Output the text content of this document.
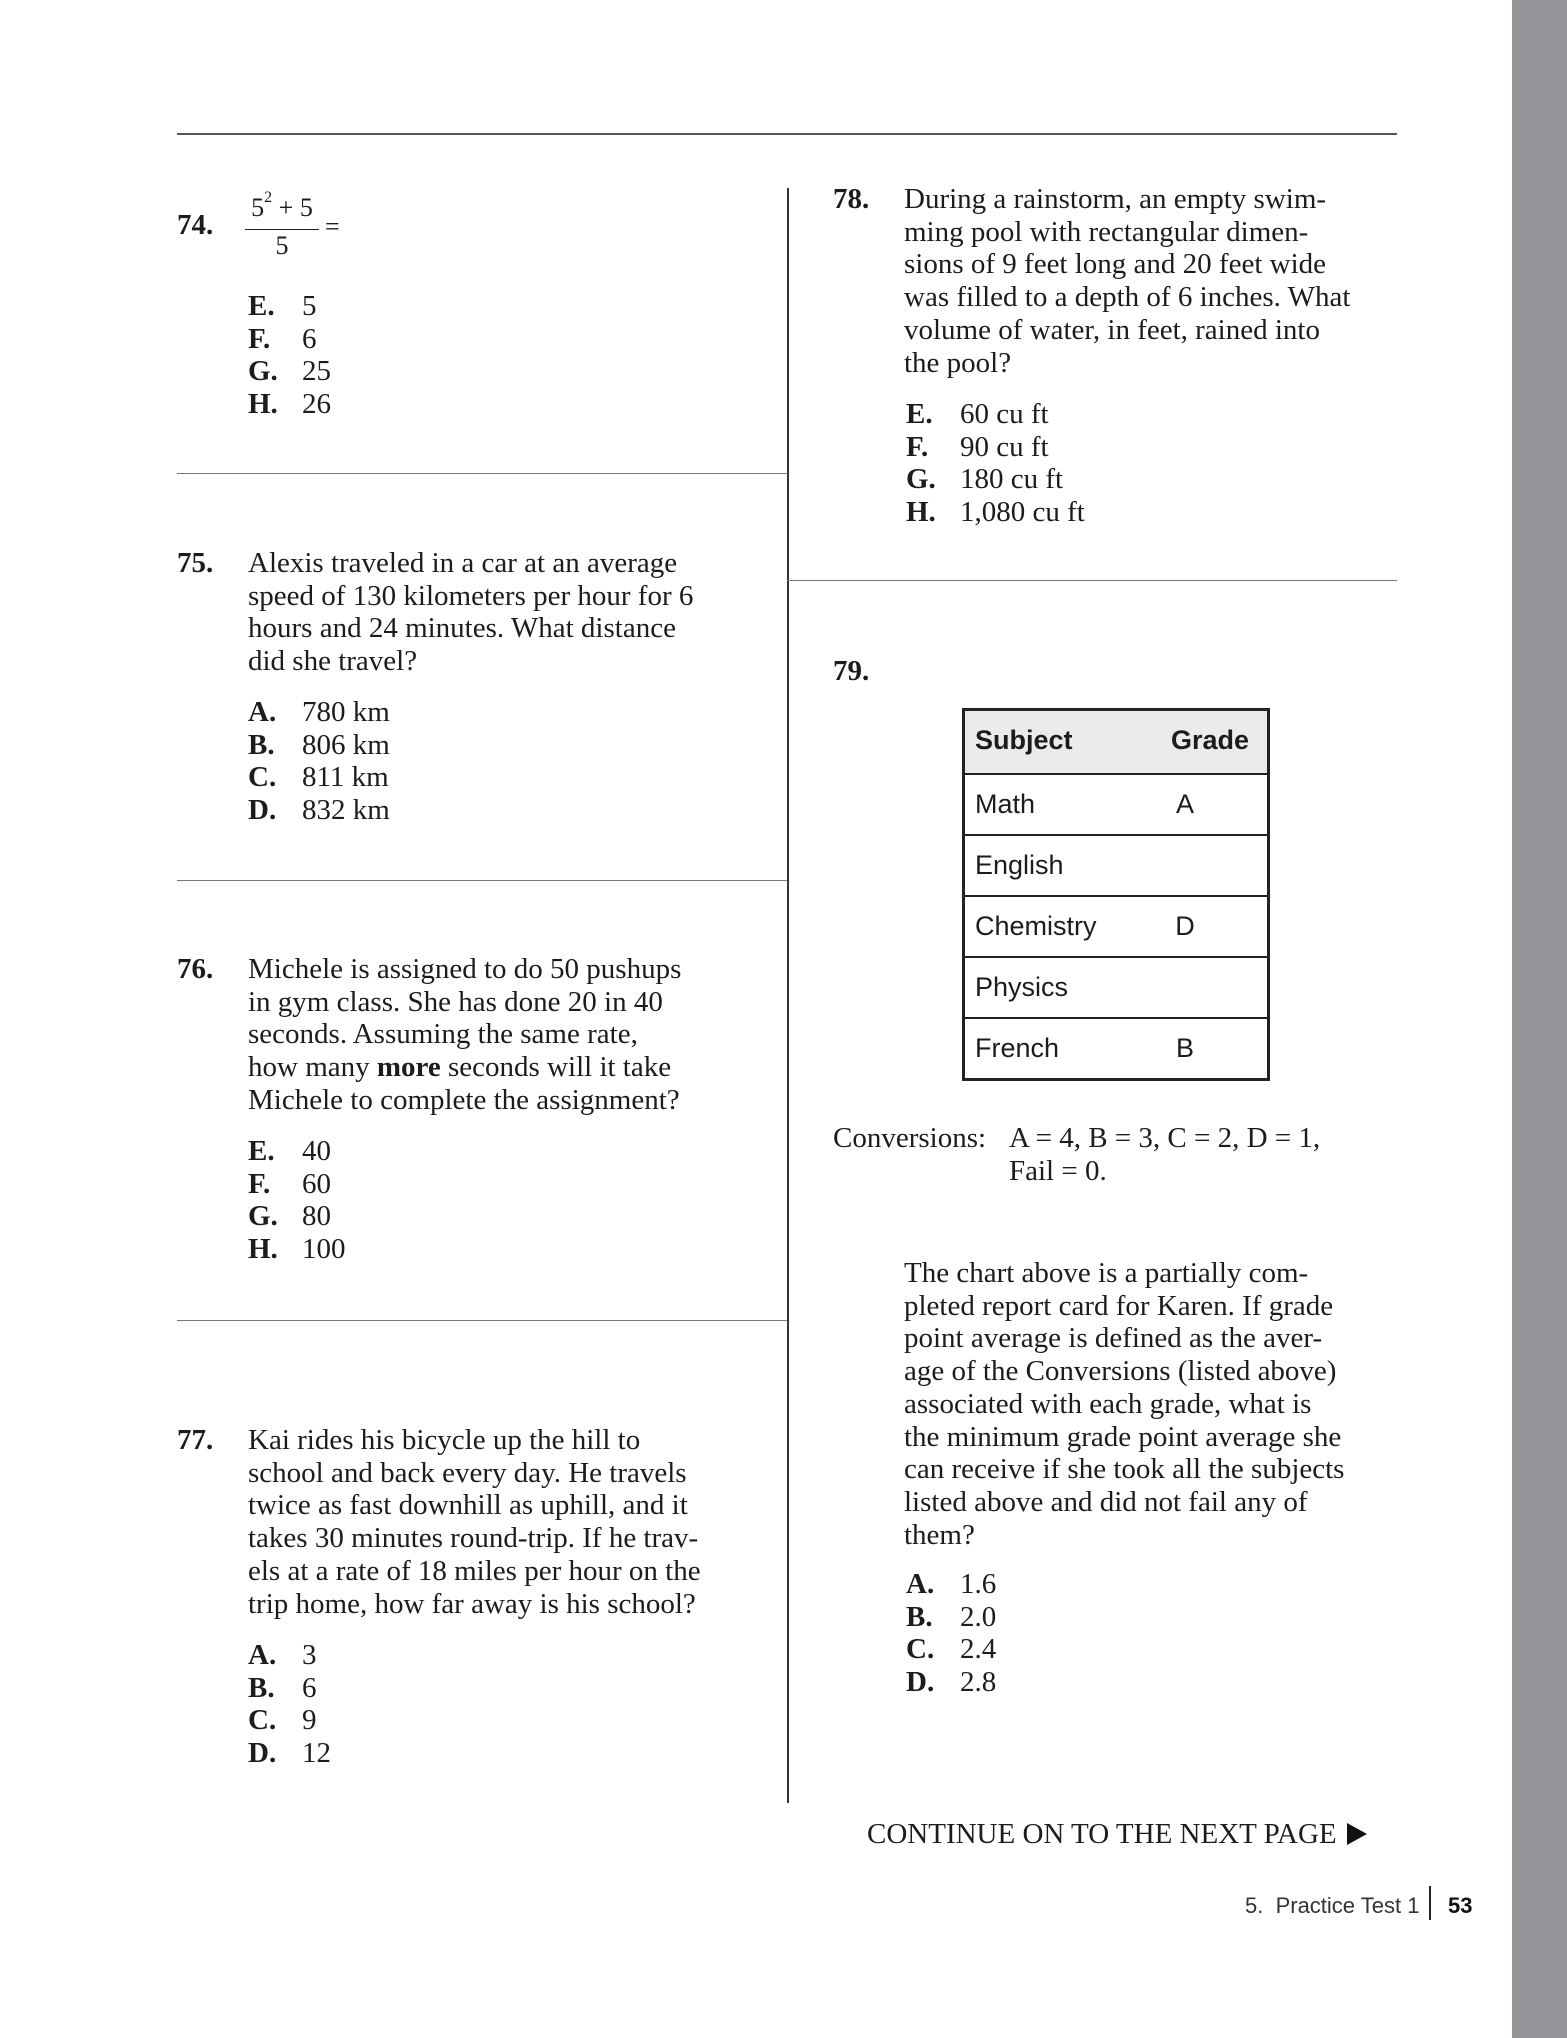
74.
$5^2 + 5$
5
=
E. 5
F. 6
G. 25
H. 26
75. Alexis traveled in a car at an average
speed of 130 kilometers per hour for 6
hours and 24 minutes. What distance
did she travel?
A. 780 km
B. 806 km
C. 811 km
D. 832 km
76. Michele is assigned to do 50 pushups
in gym class. She has done 20 in 40
seconds. Assuming the same rate,
how many more seconds will it take
Michele to complete the assignment?
E. 40
F. 60
G. 80
H. 100
77. Kai rides his bicycle up the hill to
school and back every day. He travels
twice as fast downhill as uphill, and it
takes 30 minutes round-trip. If he trav-
els at a rate of 18 miles per hour on the
trip home, how far away is his school?
A. 3
B. 6
C. 9
D. 12
78. During a rainstorm, an empty swim-
ming pool with rectangular dimen-
sions of 9 feet long and 20 feet wide
was filled to a depth of 6 inches. What
volume of water, in feet, rained into
the pool?
E. 60 cu ft
F. 90 cu ft
G. 180 cu ft
H. 1,080 cu ft
79.
Subject	Grade
Math	A
English
Chemistry	D
Physics
French	B
Conversions: A = 4, B = 3, C = 2, D = 1,
Fail = 0.
The chart above is a partially com-
pleted report card for Karen. If grade
point average is defined as the aver-
age of the Conversions (listed above)
associated with each grade, what is
the minimum grade point average she
can receive if she took all the subjects
listed above and did not fail any of
them?
A. 1.6
B. 2.0
C. 2.4
D. 2.8
CONTINUE ON TO THE NEXT PAGE
5.  Practice Test 1 53
